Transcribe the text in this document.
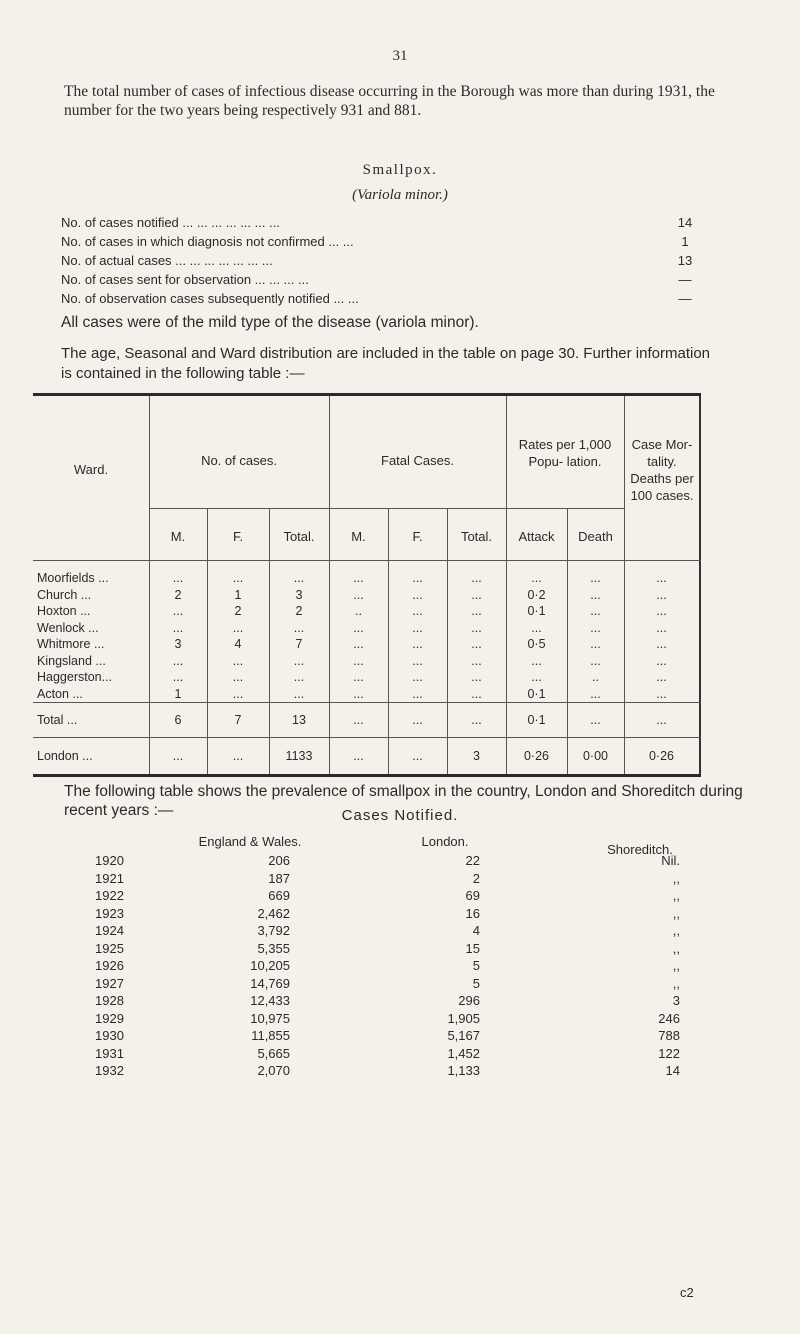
31
The total number of cases of infectious disease occurring in the Borough was more than during 1931, the number for the two years being respectively 931 and 881.
Smallpox.
(Variola minor.)
No. of cases notified ... ... ... ... ... ... ...	14
No. of cases in which diagnosis not confirmed ... ...	1
No. of actual cases ... ... ... ... ... ... ...	13
No. of cases sent for observation ... ... ... ...	—
No. of observation cases subsequently notified ... ...	—
All cases were of the mild type of the disease (variola minor).
The age, Seasonal and Ward distribution are included in the table on page 30. Further information is contained in the following table :—
Ward.
No. of cases.	Fatal Cases.
Rates per 1,000 Popu- lation.
Case Mor- tality. Deaths per 100 cases.
M.	F.	Total.	M.	F.	Total.	Attack	Death
Moorfields ...	...	...	...	...	...	...	...	...	...
Church ...	2	1	3	...	...	...	0·2	...	...
Hoxton ...	...	2	2	..	...	...	0·1	...	...
Wenlock ...	...	...	...	...	...	...	...	...	...
Whitmore ...	3	4	7	...	...	...	0·5	...	...
Kingsland ...	...	...	...	...	...	...	...	...	...
Haggerston...	...	...	...	...	...	...	...	..	...
Acton ...	1	...	...	...	...	...	0·1	...	...
Total ...	6	7	13	...	...	...	0·1	...	...
London ...	...	...	1133	...	...	3	0·26	0·00	0·26
The following table shows the prevalence of smallpox in the country, London and Shoreditch during recent years :—	Cases Notified.
England & Wales.	London.
Shoreditch.
1920	206	22	Nil.
1921	187	2	,,
1922	669	69	,,
1923	2,462	16	,,
1924	3,792	4	,,
1925	5,355	15	,,
1926	10,205	5	,,
1927	14,769	5	,,
1928	12,433	296	3
1929	10,975	1,905	246
1930	11,855	5,167	788
1931	5,665	1,452	122
1932	2,070	1,133	14
c2
